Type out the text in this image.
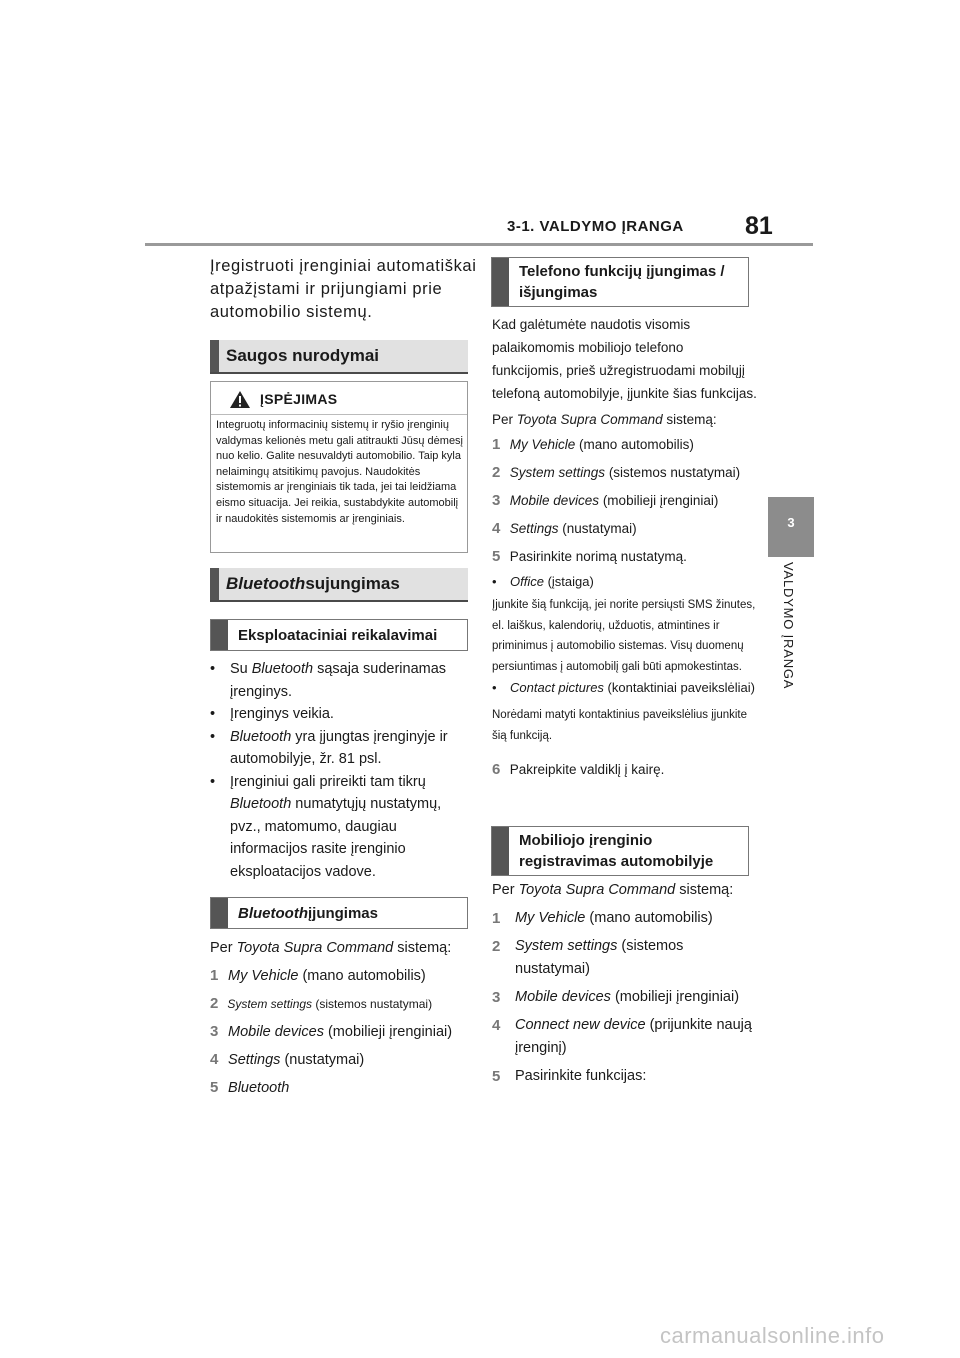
3-1. VALDYMO ĮRANGA 81
3
VALDYMO ĮRANGA
Įregistruoti įrenginiai automatiškai atpažįstami ir prijungiami prie automobilio sistemų.
Saugos nurodymai
ĮSPĖJIMAS
Integruotų informacinių sistemų ir ryšio įrenginių valdymas kelionės metu gali atitraukti Jūsų dėmesį nuo kelio. Galite nesuvaldyti automobilio. Taip kyla nelaimingų atsitikimų pavojus. Naudokitės sistemomis ar įrenginiais tik tada, jei tai leidžiama eismo situacija. Jei reikia, sustabdykite automobilį ir naudokitės sistemomis ar įrenginiais.
Bluetooth sujungimas
Eksploataciniai reikalavimai
• Su Bluetooth sąsaja suderinamas įrenginys.
• Įrenginys veikia.
• Bluetooth yra įjungtas įrenginyje ir automobilyje, žr. 81 psl.
• Įrenginiui gali prireikti tam tikrų Bluetooth numatytųjų nustatymų, pvz., matomumo, daugiau informacijos rasite įrenginio eksploatacijos vadove.
Bluetooth įjungimas
Per Toyota Supra Command sistemą:
1 My Vehicle (mano automobilis)
2 System settings (sistemos nustatymai)
3 Mobile devices (mobilieji įrenginiai)
4 Settings (nustatymai)
5 Bluetooth
Telefono funkcijų įjungimas / išjungimas
Kad galėtumėte naudotis visomis palaikomomis mobiliojo telefono funkcijomis, prieš užregistruodami mobilųjį telefoną automobilyje, įjunkite šias funkcijas.
Per Toyota Supra Command sistemą:
1 My Vehicle (mano automobilis)
2 System settings (sistemos nustatymai)
3 Mobile devices (mobilieji įrenginiai)
4 Settings (nustatymai)
5 Pasirinkite norimą nustatymą.
• Office (įstaiga)
Įjunkite šią funkciją, jei norite persiųsti SMS žinutes, el. laiškus, kalendorių, užduotis, atmintines ir priminimus į automobilio sistemas. Visų duomenų persiuntimas į automobilį gali būti apmokestintas.
• Contact pictures (kontaktiniai paveikslėliai)
Norėdami matyti kontaktinius paveikslėlius įjunkite šią funkciją.
6 Pakreipkite valdiklį į kairę.
Mobiliojo įrenginio registravimas automobilyje
Per Toyota Supra Command sistemą:
1	My Vehicle (mano automobilis)
2	System settings (sistemos nustatymai)
3	Mobile devices (mobilieji įrenginiai)
4	Connect new device (prijunkite naują įrenginį)
5	Pasirinkite funkcijas:
carmanualsonline.info
